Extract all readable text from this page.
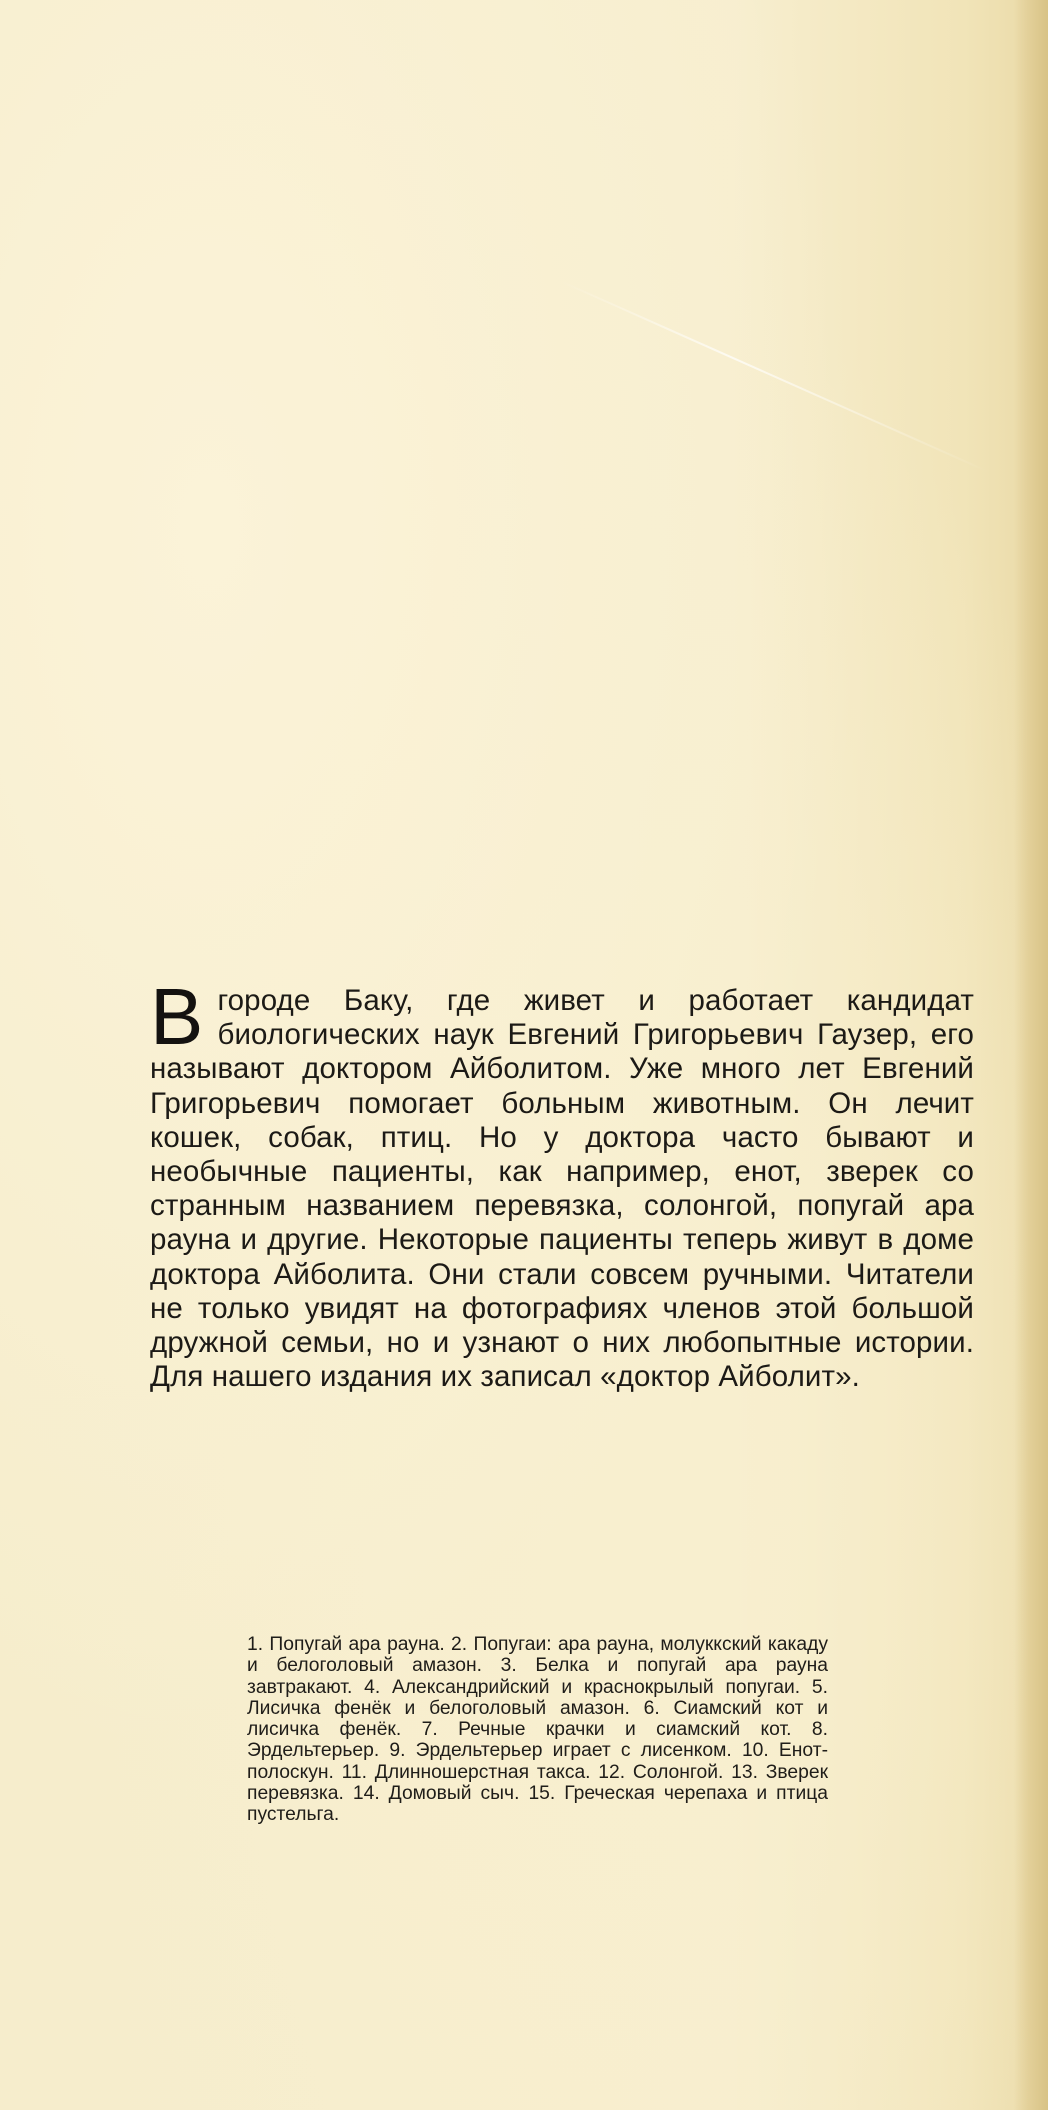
Вгороде Баку, где живет и работает кандидат биологических наук Евгений Григорьевич Гаузер, его называют доктором Айболитом. Уже много лет Евгений Григорьевич помогает больным животным. Он лечит кошек, собак, птиц. Но у доктора часто бывают и необычные пациенты, как например, енот, зверек со странным названием перевязка, солонгой, попугай ара рауна и другие. Некоторые пациенты теперь живут в доме доктора Айболита. Они стали совсем ручными. Читатели не только увидят на фотографиях членов этой большой дружной семьи, но и узнают о них любопытные истории. Для нашего издания их записал «доктор Айболит».

1. Попугай ара рауна. 2. Попугаи: ара рауна, молуккский какаду и белоголовый амазон. 3. Белка и попугай ара рауна завтракают. 4. Александрийский и краснокрылый попугаи. 5. Лисичка фенёк и белоголовый амазон. 6. Сиамский кот и лисичка фенёк. 7. Речные крачки и сиамский кот. 8. Эрдельтерьер. 9. Эрдельтерьер играет с лисенком. 10. Енот-полоскун. 11. Длинношерстная такса. 12. Солонгой. 13. Зверек перевязка. 14. Домовый сыч. 15. Греческая черепаха и птица пустельга.
